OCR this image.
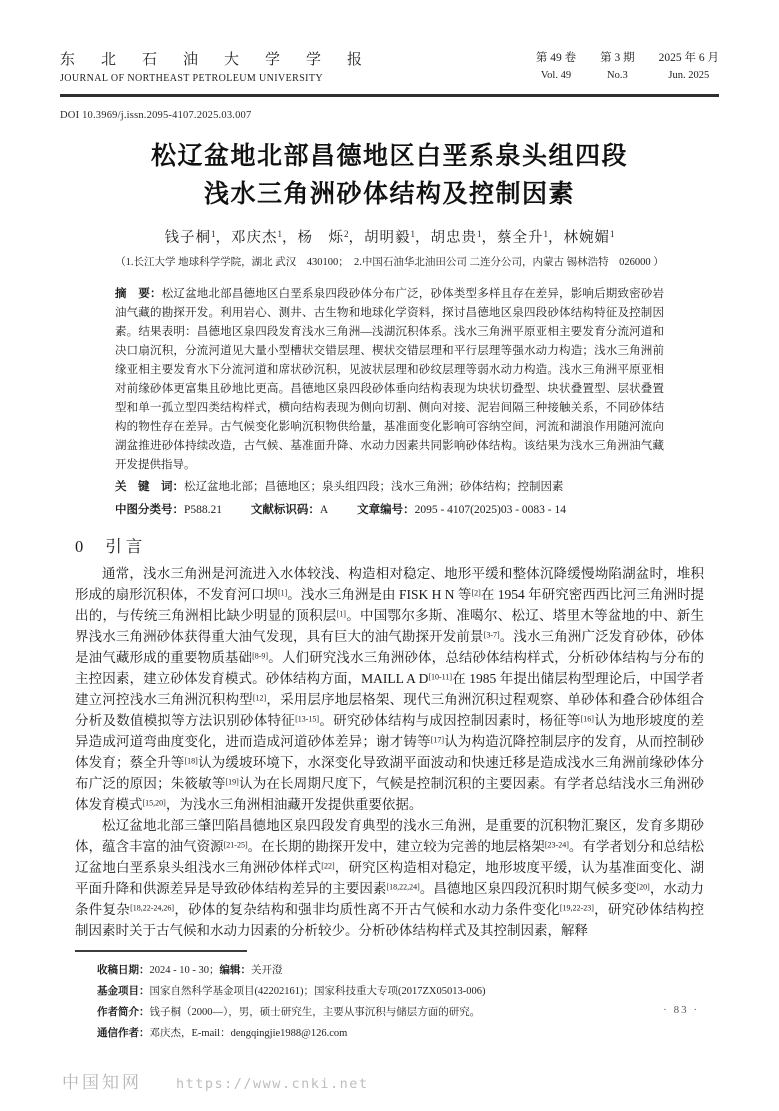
东北石油大学学报
JOURNAL OF NORTHEAST PETROLEUM UNIVERSITY
第 49 卷
Vol. 49
第 3 期
No.3
2025 年 6 月
Jun. 2025
DOI 10.3969/j.issn.2095-4107.2025.03.007
松辽盆地北部昌德地区白垩系泉头组四段
浅水三角洲砂体结构及控制因素
钱子桐$^1$，邓庆杰$^1$，杨　烁$^2$，胡明毅$^1$，胡忠贵$^1$，蔡全升$^1$，林婉媚$^1$
（1.长江大学 地球科学学院，湖北 武汉　430100；　2.中国石油华北油田公司 二连分公司，内蒙古 锡林浩特　026000 ）

摘　要：松辽盆地北部昌德地区白垩系泉四段砂体分布广泛，砂体类型多样且存在差异，影响后期致密砂岩油气藏的勘探开发。利用岩心、测井、古生物和地球化学资料，探讨昌德地区泉四段砂体结构特征及控制因素。结果表明：昌德地区泉四段发育浅水三角洲—浅湖沉积体系。浅水三角洲平原亚相主要发育分流河道和决口扇沉积，分流河道见大量小型槽状交错层理、楔状交错层理和平行层理等强水动力构造；浅水三角洲前缘亚相主要发育水下分流河道和席状砂沉积，见波状层理和砂纹层理等弱水动力构造。浅水三角洲平原亚相对前缘砂体更富集且砂地比更高。昌德地区泉四段砂体垂向结构表现为块状切叠型、块状叠置型、层状叠置型和单一孤立型四类结构样式，横向结构表现为侧向切割、侧向对接、泥岩间隔三种接触关系，不同砂体结构的物性存在差异。古气候变化影响沉积物供给量，基准面变化影响可容纳空间，河流和湖浪作用随河流向湖盆推进砂体持续改造，古气候、基准面升降、水动力因素共同影响砂体结构。该结果为浅水三角洲油气藏开发提供指导。

关　键　词：松辽盆地北部；昌德地区；泉头组四段；浅水三角洲；砂体结构；控制因素
中图分类号：P588.21	文献标识码：A	文章编号：2095 - 4107(2025)03 - 0083 - 14
0 引言

通常，浅水三角洲是河流进入水体较浅、构造相对稳定、地形平缓和整体沉降缓慢坳陷湖盆时，堆积形成的扇形沉积体，不发育河口坝[1]。浅水三角洲是由 FISK H N 等[2]在 1954 年研究密西西比河三角洲时提出的，与传统三角洲相比缺少明显的顶积层[1]。中国鄂尔多斯、准噶尔、松辽、塔里木等盆地的中、新生界浅水三角洲砂体获得重大油气发现，具有巨大的油气勘探开发前景[3-7]。浅水三角洲广泛发育砂体，砂体是油气藏形成的重要物质基础[8-9]。人们研究浅水三角洲砂体，总结砂体结构样式，分析砂体结构与分布的主控因素，建立砂体发育模式。砂体结构方面，MAILL A D[10-11]在 1985 年提出储层构型理论后，中国学者建立河控浅水三角洲沉积构型[12]，采用层序地层格架、现代三角洲沉积过程观察、单砂体和叠合砂体组合分析及数值模拟等方法识别砂体特征[13-15]。研究砂体结构与成因控制因素时，杨征等[16]认为地形坡度的差异造成河道弯曲度变化，进而造成河道砂体差异；谢才铸等[17]认为构造沉降控制层序的发育，从而控制砂体发育；蔡全升等[18]认为缓坡环境下，水深变化导致湖平面波动和快速迁移是造成浅水三角洲前缘砂体分布广泛的原因；朱筱敏等[19]认为在长周期尺度下，气候是控制沉积的主要因素。有学者总结浅水三角洲砂体发育模式[15,20]，为浅水三角洲相油藏开发提供重要依据。

松辽盆地北部三肇凹陷昌德地区泉四段发育典型的浅水三角洲，是重要的沉积物汇聚区，发育多期砂体，蕴含丰富的油气资源[21-25]。在长期的勘探开发中，建立较为完善的地层格架[23-24]。有学者划分和总结松辽盆地白垩系泉头组浅水三角洲砂体样式[22]，研究区构造相对稳定，地形坡度平缓，认为基准面变化、湖平面升降和供源差异是导致砂体结构差异的主要因素[18,22,24]。昌德地区泉四段沉积时期气候多变[20]，水动力条件复杂[18,22-24,26]，砂体的复杂结构和强非均质性离不开古气候和水动力条件变化[19,22-23]，研究砂体结构控制因素时关于古气候和水动力因素的分析较少。分析砂体结构样式及其控制因素，解释

收稿日期：2024 - 10 - 30；编辑：关开澄
基金项目：国家自然科学基金项目(42202161)；国家科技重大专项(2017ZX05013-006)
作者简介：钱子桐（2000—），男，硕士研究生，主要从事沉积与储层方面的研究。
通信作者：邓庆杰，E-mail：dengqingjie1988@126.com
· 83 ·
中国知网	https://www.cnki.net
